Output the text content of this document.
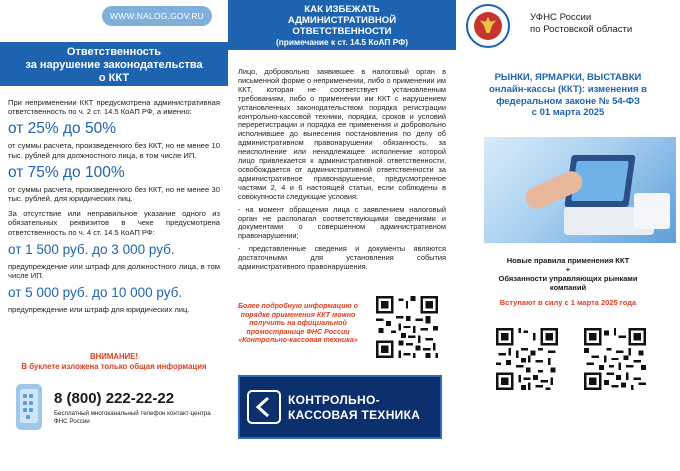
WWW.NALOG.GOV.RU
Ответственность
за нарушение законодательства
о ККТ
При неприменении ККТ предусмотрена административная ответственность по ч. 2 ст. 14.5 КоАП РФ, а именно:
от 25% до 50%
от суммы расчета, произведенного без ККТ, но не менее 10 тыс. рублей для должностного лица, в том числе ИП.
от 75% до 100%
от суммы расчета, произведенного без ККТ, но не менее 30 тыс. рублей, для юридических лиц.
За отсутствие или неправильное указание одного из обязательных реквизитов в чеке предусмотрена ответственность по ч. 4 ст. 14.5 КоАП РФ:
от 1 500 руб. до 3 000 руб.
предупреждение или штраф для должностного лица, в том числе ИП.
от 5 000 руб. до 10 000 руб.
предупреждение или штраф для юридических лиц.
ВНИМАНИЕ!
В буклете изложена только общая информация
8 (800) 222-22-22
Бесплатный многоканальный телефон контакт-центра ФНС России
КАК ИЗБЕЖАТЬ
АДМИНИСТРАТИВНОЙ
ОТВЕТСТВЕННОСТИ
(примечание к ст. 14.5 КоАП РФ)

Лицо, добровольно заявившее в налоговый орган в письменной форме о неприменении, либо о применении им ККТ, которая не соответствует установленным требованиям, либо о применении им ККТ с нарушением установленных законодательством порядка регистрации контрольно-кассовой техники, порядка, сроков и условий перерегистрации и порядка ее применения и добровольно исполнившее до вынесения постановления по делу об административном правонарушении обязанность, за неисполнение или ненадлежащее исполнение которой лицо привлекается к административной ответственности, освобождается от административной ответственности за административное правонарушение, предусмотренное частями 2, 4 и 6 настоящей статьи, если соблюдены в совокупности следующие условия:

- на момент обращения лица с заявлением налоговый орган не располагал соответствующими сведениями и документами о совершенном административном правонарушении;

- представленные сведения и документы являются достаточными для установления события административного правонарушения.

Более подробную информацию о порядке применения ККТ можно получить на официальной промостранице ФНС России «Контрольно-кассовая техника»
КОНТРОЛЬНО-
КАССОВАЯ ТЕХНИКА
УФНС России
по Ростовской области
РЫНКИ, ЯРМАРКИ, ВЫСТАВКИ
онлайн-кассы (ККТ): изменения в
федеральном законе № 54-ФЗ
с 01 марта 2025
Новые правила применения ККТ
+
Обязанности управляющих рынками
компаний
Вступают в силу с 1 марта 2025 года
